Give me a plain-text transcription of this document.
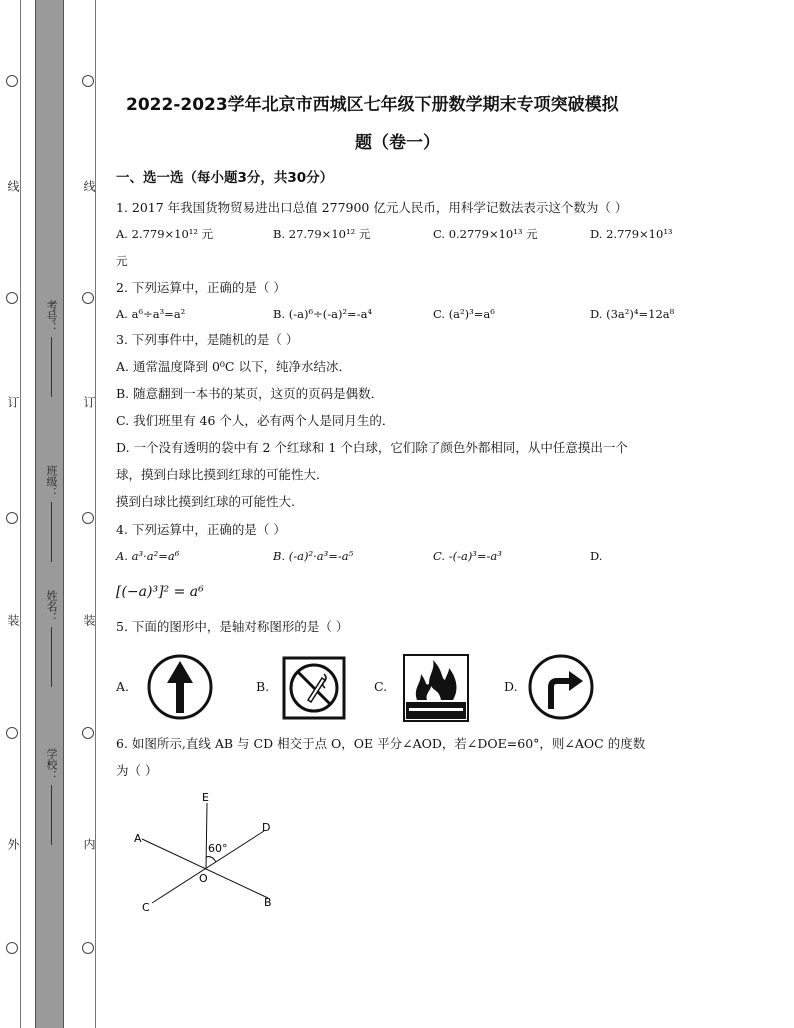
线
订
装
外
线
订
装
内
考号：
班级：
姓名：
学校：
2022-2023学年北京市西城区七年级下册数学期末专项突破模拟
题（卷一）
一、选一选（每小题3分，共30分）
1. 2017 年我国货物贸易进出口总值 277900 亿元人民币，用科学记数法表示这个数为（ ）
A. 2.779×10¹² 元	B. 27.79×10¹² 元	C. 0.2779×10¹³ 元	D. 2.779×10¹³
元
2. 下列运算中，正确的是（ ）
A. a⁶÷a³=a²	B. (-a)⁶÷(-a)²=-a⁴	C. (a²)³=a⁶	D. (3a²)⁴=12a⁸
3. 下列事件中，是随机的是（ ）
A. 通常温度降到 0⁰C 以下，纯净水结冰．
B. 随意翻到一本书的某页，这页的页码是偶数．
C. 我们班里有 46 个人，必有两个人是同月生的．
D. 一个没有透明的袋中有 2 个红球和 1 个白球，它们除了颜色外都相同，从中任意摸出一个
球，摸到白球比摸到红球的可能性大．
摸到白球比摸到红球的可能性大.
4. 下列运算中，正确的是（ ）
A. a³·a²=a⁶	B. (-a)²·a³=-a⁵	C. -(-a)³=-a³	D.
[(−a)³]² = a⁶
5. 下面的图形中，是轴对称图形的是（ ）
A.	B.	C.	D.
6. 如图所示,直线 AB 与 CD 相交于点 O，OE 平分∠AOD，若∠DOE=60°，则∠AOC 的度数
为（ ）
A
B
C
D
E
O
60°
